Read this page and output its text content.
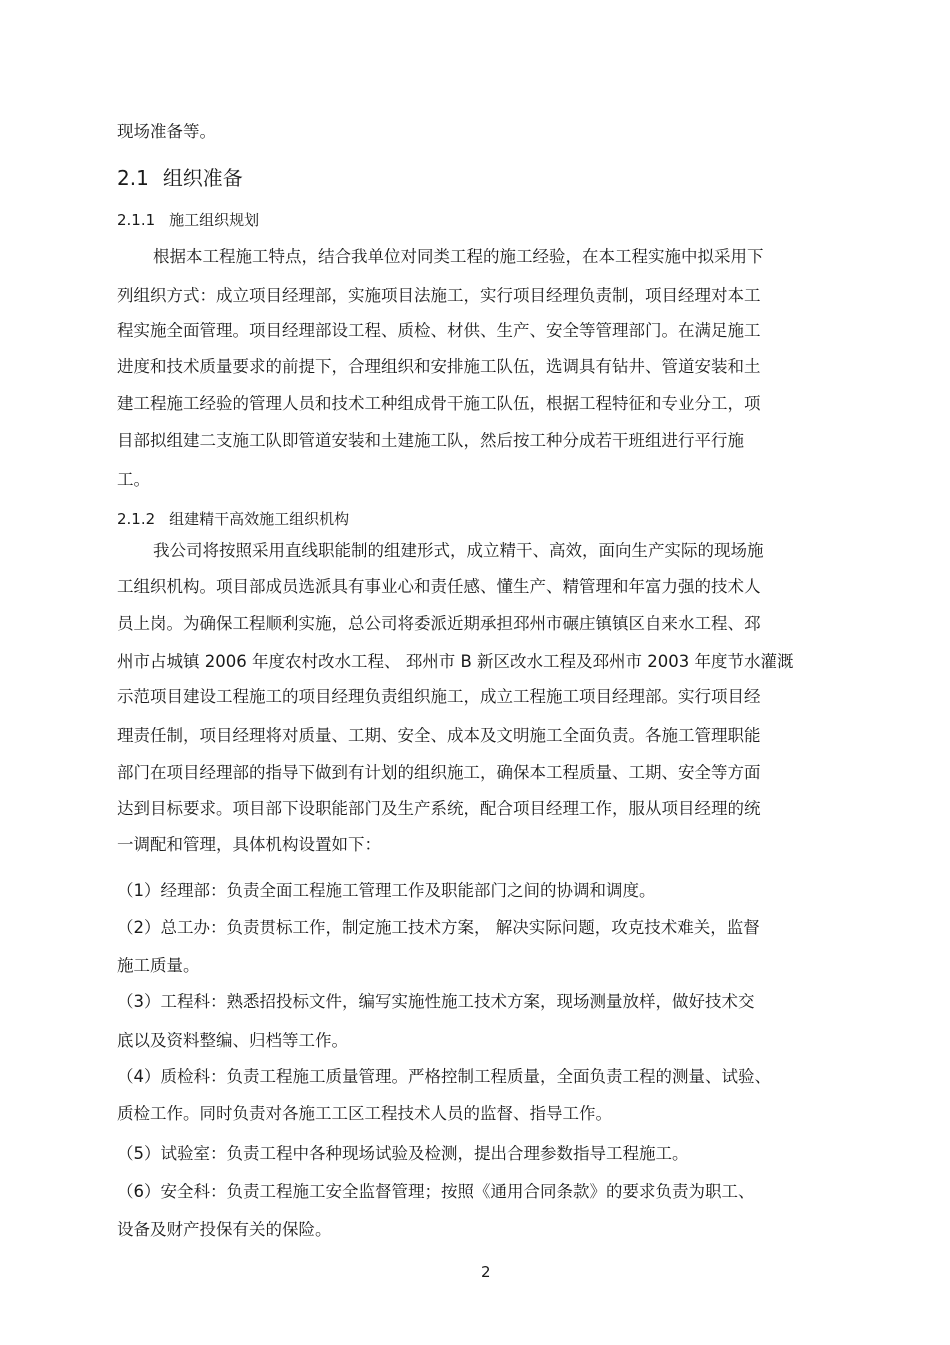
现场准备等。
2.1 组织准备
2.1.1 施工组织规划
根据本工程施工特点，结合我单位对同类工程的施工经验，在本工程实施中拟采用下
列组织方式：成立项目经理部，实施项目法施工，实行项目经理负责制，项目经理对本工
程实施全面管理。项目经理部设工程、质检、材供、生产、安全等管理部门。在满足施工
进度和技术质量要求的前提下，合理组织和安排施工队伍，选调具有钻井、管道安装和土
建工程施工经验的管理人员和技术工种组成骨干施工队伍，根据工程特征和专业分工，项
目部拟组建二支施工队即管道安装和土建施工队，然后按工种分成若干班组进行平行施
工。
2.1.2 组建精干高效施工组织机构
我公司将按照采用直线职能制的组建形式，成立精干、高效，面向生产实际的现场施
工组织机构。项目部成员选派具有事业心和责任感、懂生产、精管理和年富力强的技术人
员上岗。为确保工程顺利实施，总公司将委派近期承担邳州市碾庄镇镇区自来水工程、邳
州市占城镇 2006 年度农村改水工程、 邳州市 B 新区改水工程及邳州市 2003 年度节水灌溉
示范项目建设工程施工的项目经理负责组织施工，成立工程施工项目经理部。实行项目经
理责任制，项目经理将对质量、工期、安全、成本及文明施工全面负责。各施工管理职能
部门在项目经理部的指导下做到有计划的组织施工，确保本工程质量、工期、安全等方面
达到目标要求。项目部下设职能部门及生产系统，配合项目经理工作，服从项目经理的统
一调配和管理，具体机构设置如下：
（1）经理部：负责全面工程施工管理工作及职能部门之间的协调和调度。
（2）总工办：负责贯标工作，制定施工技术方案， 解决实际问题，攻克技术难关，监督
施工质量。
（3）工程科：熟悉招投标文件，编写实施性施工技术方案，现场测量放样，做好技术交
底以及资料整编、归档等工作。
（4）质检科：负责工程施工质量管理。严格控制工程质量，全面负责工程的测量、试验、
质检工作。同时负责对各施工工区工程技术人员的监督、指导工作。
（5）试验室：负责工程中各种现场试验及检测，提出合理参数指导工程施工。
（6）安全科：负责工程施工安全监督管理；按照《通用合同条款》的要求负责为职工、
设备及财产投保有关的保险。
2
